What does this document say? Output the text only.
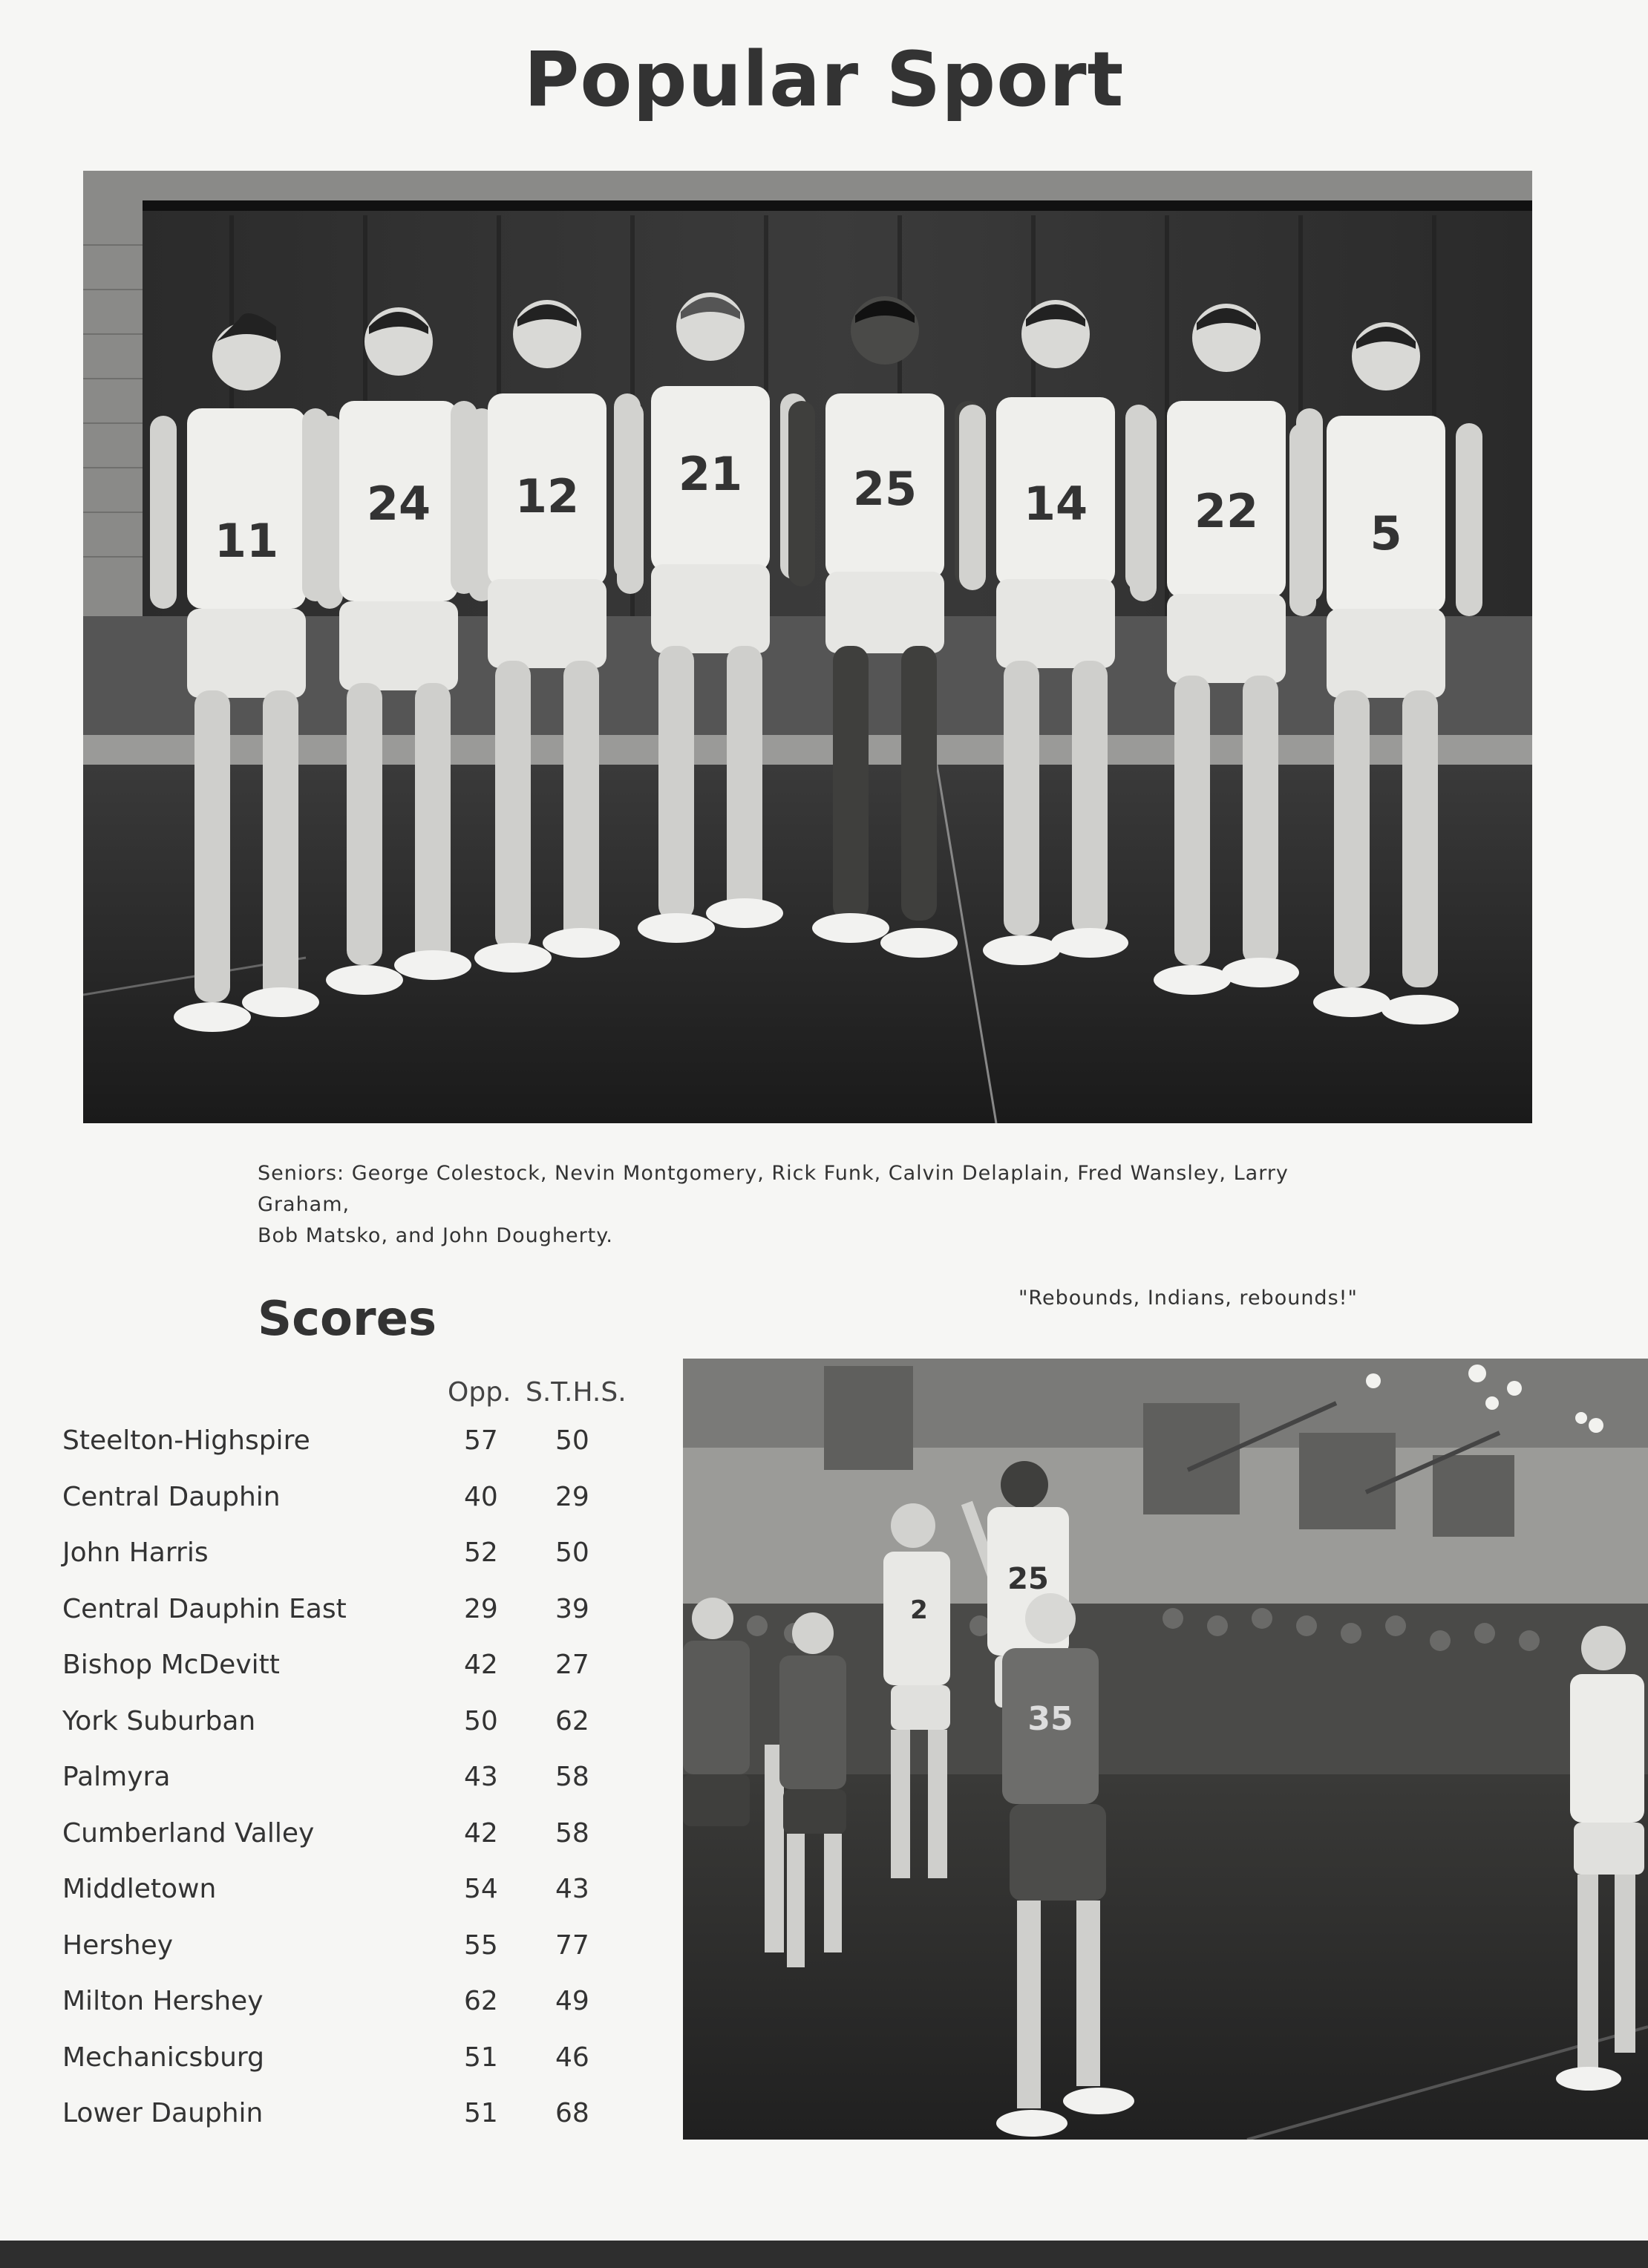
Popular Sport
11
24 12 21 25 14 22 5
Seniors: George Colestock, Nevin Montgomery, Rick Funk, Calvin Delaplain, Fred Wansley, Larry Graham,
Bob Matsko, and John Dougherty.
"Rebounds, Indians, rebounds!"
Scores
Opp. S.T.H.S.
Steelton-Highspire	57 50
Central Dauphin	40 29
John Harris	52 50
Central Dauphin East	29 39
Bishop McDevitt	42 27
York Suburban	50 62
Palmyra	43 58
Cumberland Valley	42 58
Middletown	54 43
Hershey	55 77
Milton Hershey	62 49
Mechanicsburg	51 46
Lower Dauphin	51 68
25
2
35
